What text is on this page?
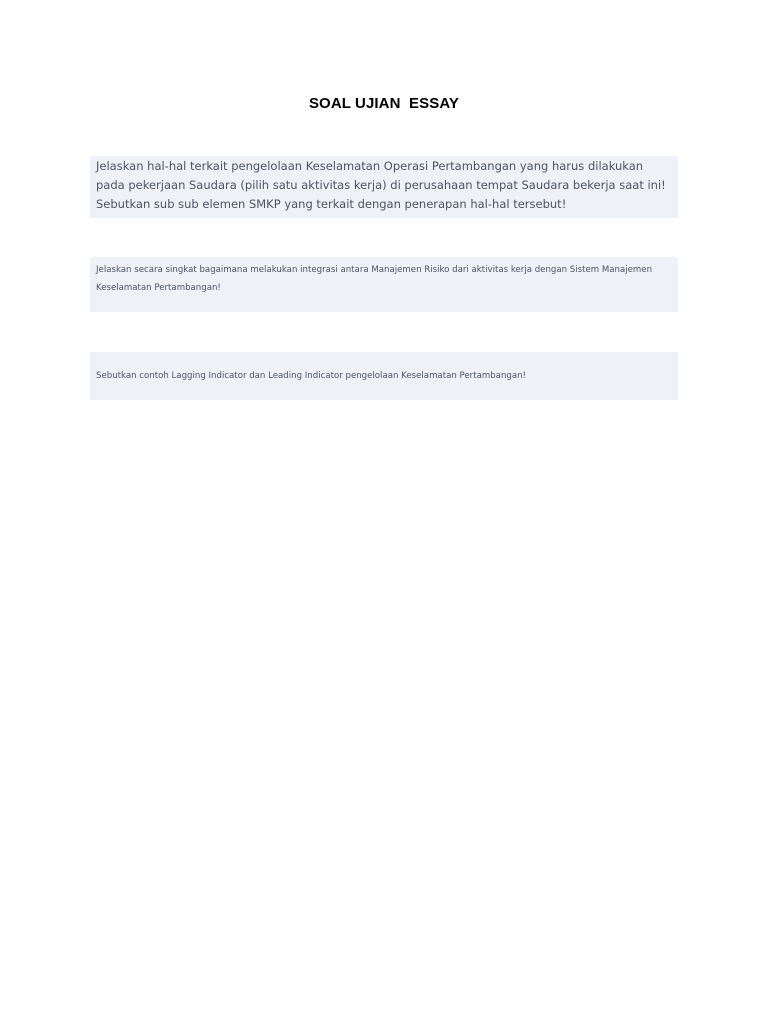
SOAL UJIAN  ESSAY

Jelaskan hal-hal terkait pengelolaan Keselamatan Operasi Pertambangan yang harus dilakukan pada pekerjaan Saudara (pilih satu aktivitas kerja) di perusahaan tempat Saudara bekerja saat ini! Sebutkan sub sub elemen SMKP yang terkait dengan penerapan hal-hal tersebut!

Jelaskan secara singkat bagaimana melakukan integrasi antara Manajemen Risiko dari aktivitas kerja dengan Sistem Manajemen Keselamatan Pertambangan!

Sebutkan contoh Lagging Indicator dan Leading Indicator pengelolaan Keselamatan Pertambangan!
